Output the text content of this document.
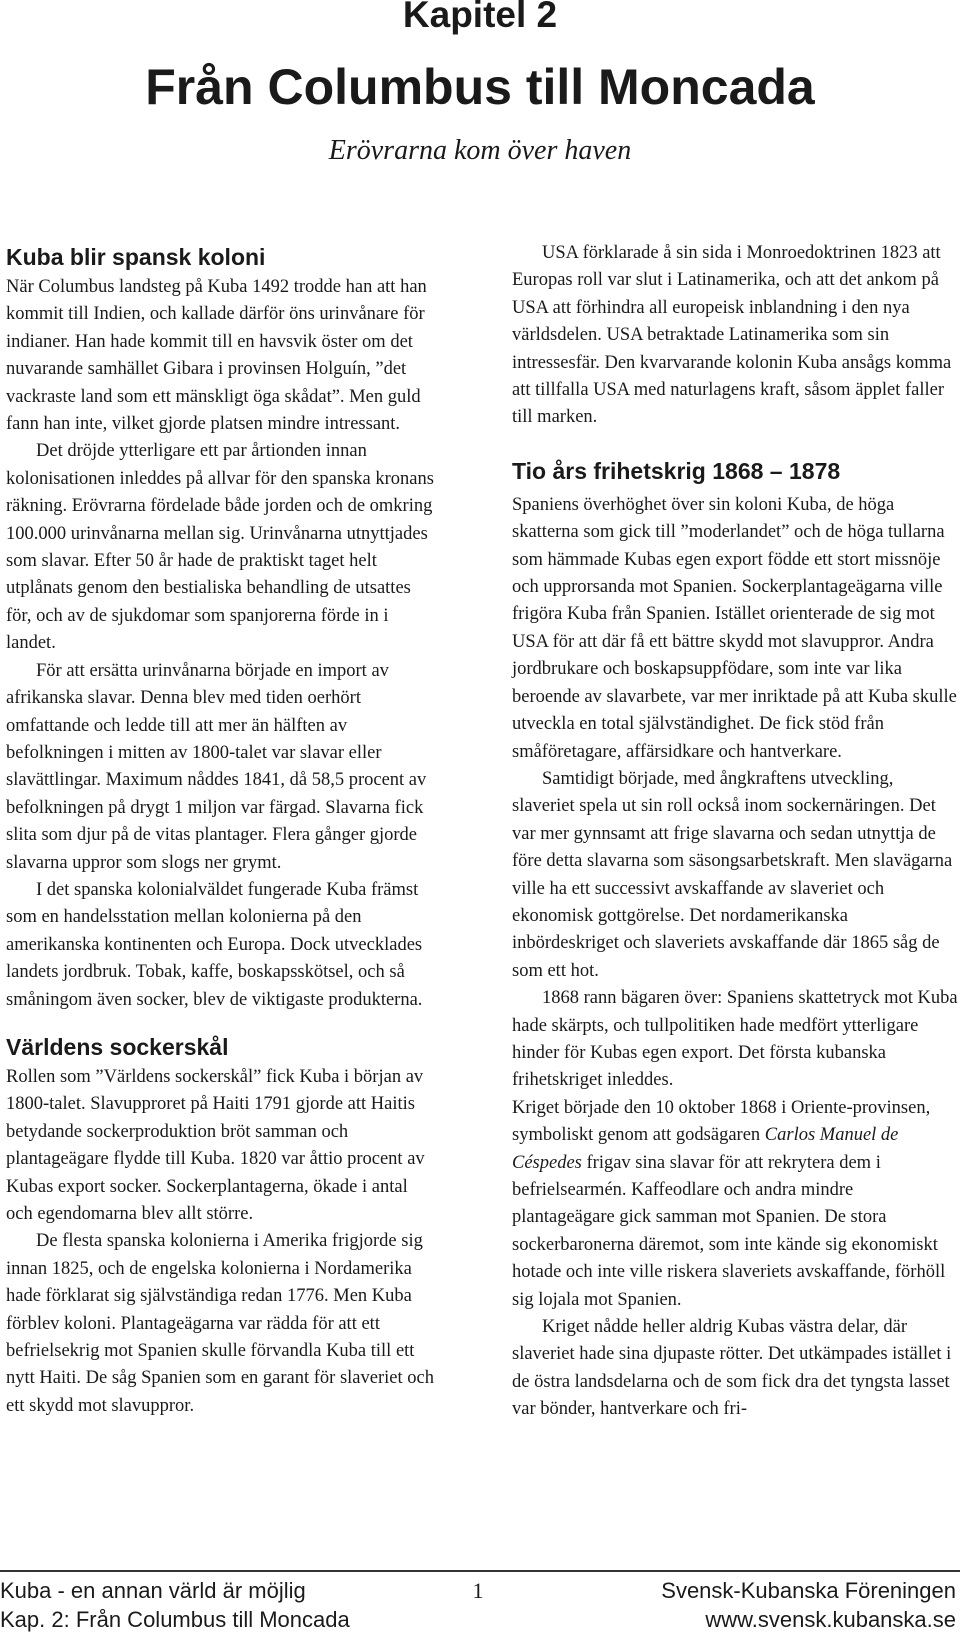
Kapitel 2
Från Columbus till Moncada
Erövrarna kom över haven
Kuba blir spansk koloni

När Columbus landsteg på Kuba 1492 trodde han att han kommit till Indien, och kallade därför öns urinvånare för indianer. Han hade kommit till en havsvik öster om det nuvarande samhället Gibara i provinsen Holguín, ”det vackraste land som ett mänskligt öga skådat”. Men guld fann han inte, vilket gjorde platsen mindre intressant.

Det dröjde ytterligare ett par årtionden innan kolonisationen inleddes på allvar för den spanska kronans räkning. Erövrarna fördelade både jorden och de omkring 100.000 urinvånarna mellan sig. Urinvånarna utnyttjades som slavar. Efter 50 år hade de praktiskt taget helt utplånats genom den bestialiska behandling de utsattes för, och av de sjukdomar som spanjorerna förde in i landet.

För att ersätta urinvånarna började en import av afrikanska slavar. Denna blev med tiden oerhört omfattande och ledde till att mer än hälften av befolkningen i mitten av 1800-talet var slavar eller slavättlingar. Maximum nåddes 1841, då 58,5 procent av befolkningen på drygt 1 miljon var färgad. Slavarna fick slita som djur på de vitas plantager. Flera gånger gjorde slavarna uppror som slogs ner grymt.

I det spanska kolonialväldet fungerade Kuba främst som en handelsstation mellan kolonierna på den amerikanska kontinenten och Europa. Dock utvecklades landets jordbruk. Tobak, kaffe, boskapsskötsel, och så småningom även socker, blev de viktigaste produkterna.

Världens sockerskål

Rollen som ”Världens sockerskål” fick Kuba i början av 1800-talet. Slavupproret på Haiti 1791 gjorde att Haitis betydande sockerproduktion bröt samman och plantageägare flydde till Kuba. 1820 var åttio procent av Kubas export socker. Sockerplantagerna, ökade i antal och egendomarna blev allt större.

De flesta spanska kolonierna i Amerika frigjorde sig innan 1825, och de engelska kolonierna i Nordamerika hade förklarat sig självständiga redan 1776. Men Kuba förblev koloni. Plantageägarna var rädda för att ett befrielsekrig mot Spanien skulle förvandla Kuba till ett nytt Haiti. De såg Spanien som en garant för slaveriet och ett skydd mot slavuppror.

USA förklarade å sin sida i Monroedoktrinen 1823 att Europas roll var slut i Latinamerika, och att det ankom på USA att förhindra all europeisk inblandning i den nya världsdelen. USA betraktade Latinamerika som sin intressesfär. Den kvarvarande kolonin Kuba ansågs komma att tillfalla USA med naturlagens kraft, såsom äpplet faller till marken.

Tio års frihetskrig 1868 – 1878

Spaniens överhöghet över sin koloni Kuba, de höga skatterna som gick till ”moderlandet” och de höga tullarna som hämmade Kubas egen export födde ett stort missnöje och upprorsanda mot Spanien. Sockerplantageägarna ville frigöra Kuba från Spanien. Istället orienterade de sig mot USA för att där få ett bättre skydd mot slavuppror. Andra jordbrukare och boskapsuppfödare, som inte var lika beroende av slavarbete, var mer inriktade på att Kuba skulle utveckla en total självständighet. De fick stöd från småföretagare, affärsidkare och hantverkare.

Samtidigt började, med ångkraftens utveckling, slaveriet spela ut sin roll också inom sockernäringen. Det var mer gynnsamt att frige slavarna och sedan utnyttja de före detta slavarna som säsongsarbetskraft. Men slavägarna ville ha ett successivt avskaffande av slaveriet och ekonomisk gottgörelse. Det nordamerikanska inbördeskriget och slaveriets avskaffande där 1865 såg de som ett hot.

1868 rann bägaren över: Spaniens skattetryck mot Kuba hade skärpts, och tullpolitiken hade medfört ytterligare hinder för Kubas egen export. Det första kubanska frihetskriget inleddes.

Kriget började den 10 oktober 1868 i Oriente-provinsen, symboliskt genom att godsägaren Carlos Manuel de Céspedes frigav sina slavar för att rekrytera dem i befrielsearmén. Kaffeodlare och andra mindre plantageägare gick samman mot Spanien. De stora sockerbaronerna däremot, som inte kände sig ekonomiskt hotade och inte ville riskera slaveriets avskaffande, förhöll sig lojala mot Spanien.

Kriget nådde heller aldrig Kubas västra delar, där slaveriet hade sina djupaste rötter. Det utkämpades istället i de östra landsdelarna och de som fick dra det tyngsta lasset var bönder, hantverkare och fri-

Kuba - en annan värld är möjlig
Kap. 2: Från Columbus till Moncada
1	Svensk-Kubanska Föreningen
www.svensk.kubanska.se
